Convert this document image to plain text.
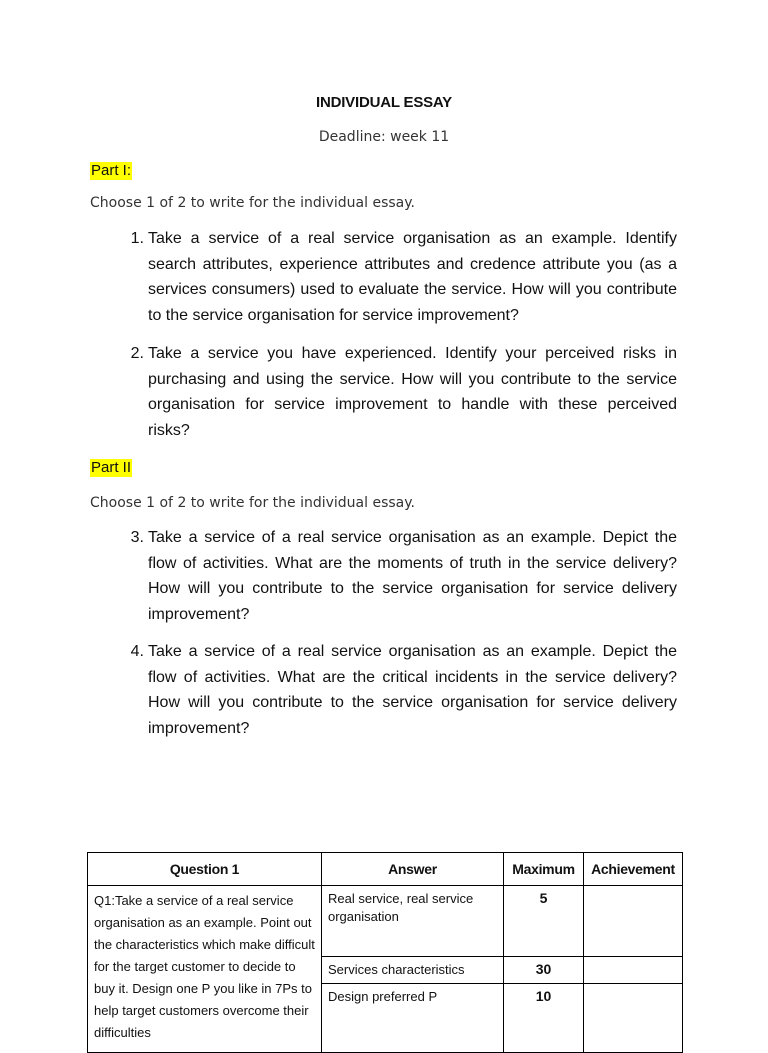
INDIVIDUAL ESSAY
Deadline: week 11
Part I:
Choose 1 of 2 to write for the individual essay.
1. Take a service of a real service organisation as an example. Identify search attributes, experience attributes and credence attribute you (as a services consumers) used to evaluate the service. How will you contribute to the service organisation for service improvement?
2. Take a service you have experienced. Identify your perceived risks in purchasing and using the service. How will you contribute to the service organisation for service improvement to handle with these perceived risks?
Part II
Choose 1 of 2 to write for the individual essay.
3. Take a service of a real service organisation as an example. Depict the flow of activities. What are the moments of truth in the service delivery? How will you contribute to the service organisation for service delivery improvement?
4. Take a service of a real service organisation as an example. Depict the flow of activities. What are the critical incidents in the service delivery? How will you contribute to the service organisation for service delivery improvement?
Question 1	Answer	Maximum	Achievement
Q1:Take a service of a real service organisation as an example. Point out the characteristics which make difficult for the target customer to decide to buy it. Design one P you like in 7Ps to help target customers overcome their difficulties	Real service, real service organisation	5	
	Services characteristics	30	
	Design preferred P	10	
